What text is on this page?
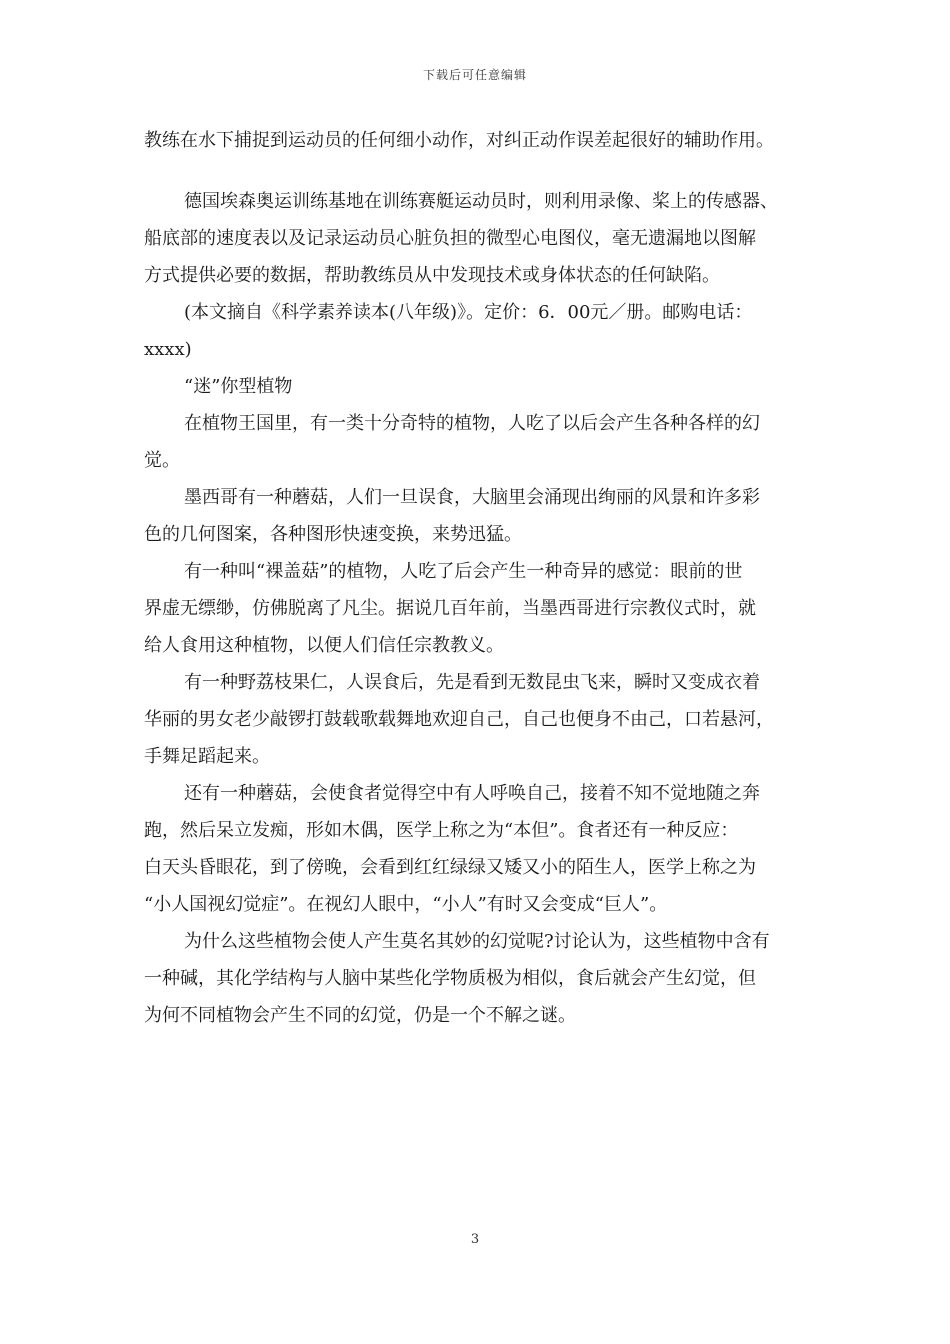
下载后可任意编辑
教练在水下捕捉到运动员的任何细小动作，对纠正动作误差起很好的辅助作用。
德国埃森奥运训练基地在训练赛艇运动员时，则利用录像、桨上的传感器、
船底部的速度表以及记录运动员心脏负担的微型心电图仪，毫无遗漏地以图解
方式提供必要的数据，帮助教练员从中发现技术或身体状态的任何缺陷。
(本文摘自《科学素养读本(八年级)》。定价：6．00元／册。邮购电话：
xxxx)
“迷”你型植物
在植物王国里，有一类十分奇特的植物，人吃了以后会产生各种各样的幻
觉。
墨西哥有一种蘑菇，人们一旦误食，大脑里会涌现出绚丽的风景和许多彩
色的几何图案，各种图形快速变换，来势迅猛。
有一种叫“裸盖菇”的植物，人吃了后会产生一种奇异的感觉：眼前的世
界虚无缥缈，仿佛脱离了凡尘。据说几百年前，当墨西哥进行宗教仪式时，就
给人食用这种植物，以便人们信任宗教教义。
有一种野荔枝果仁，人误食后，先是看到无数昆虫飞来，瞬时又变成衣着
华丽的男女老少敲锣打鼓载歌载舞地欢迎自己，自己也便身不由己，口若悬河，
手舞足蹈起来。
还有一种蘑菇，会使食者觉得空中有人呼唤自己，接着不知不觉地随之奔
跑，然后呆立发痴，形如木偶，医学上称之为“本但”。食者还有一种反应：
白天头昏眼花，到了傍晚，会看到红红绿绿又矮又小的陌生人，医学上称之为
“小人国视幻觉症”。在视幻人眼中，“小人”有时又会变成“巨人”。
为什么这些植物会使人产生莫名其妙的幻觉呢?讨论认为，这些植物中含有
一种碱，其化学结构与人脑中某些化学物质极为相似，食后就会产生幻觉，但
为何不同植物会产生不同的幻觉，仍是一个不解之谜。
3
